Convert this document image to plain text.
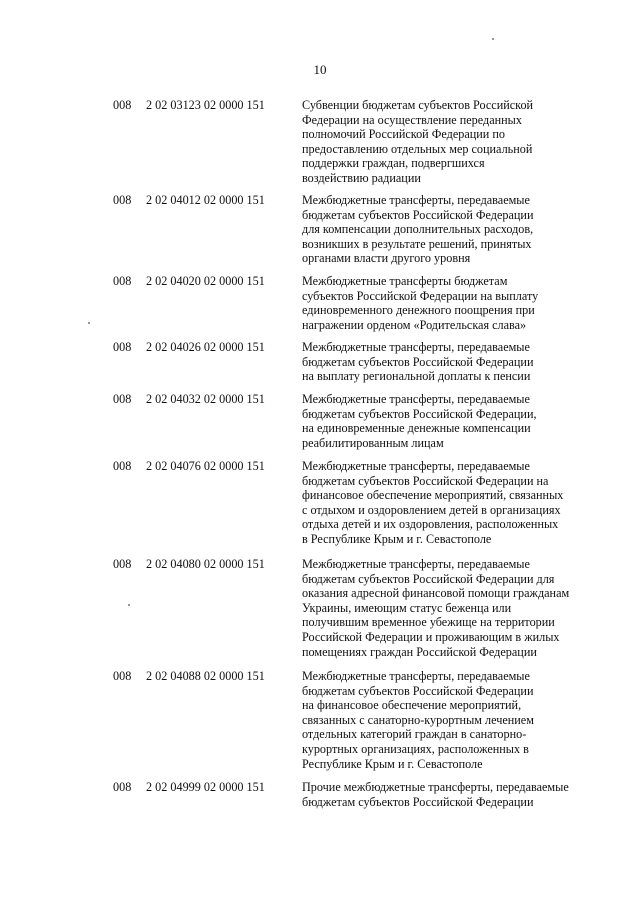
10
008 2 02 03123 02 0000 151	Субвенции бюджетам субъектов Российской
Федерации на осуществление переданных
полномочий Российской Федерации по
предоставлению отдельных мер социальной
поддержки граждан, подвергшихся
воздействию радиации
008 2 02 04012 02 0000 151	Межбюджетные трансферты, передаваемые
бюджетам субъектов Российской Федерации
для компенсации дополнительных расходов,
возникших в результате решений, принятых
органами власти другого уровня
008 2 02 04020 02 0000 151	Межбюджетные трансферты бюджетам
субъектов Российской Федерации на выплату
единовременного денежного поощрения при
награжении орденом «Родительская слава»
008 2 02 04026 02 0000 151	Межбюджетные трансферты, передаваемые
бюджетам субъектов Российской Федерации
на выплату региональной доплаты к пенсии
008 2 02 04032 02 0000 151	Межбюджетные трансферты, передаваемые
бюджетам субъектов Российской Федерации,
на единовременные денежные компенсации
реабилитированным лицам
008 2 02 04076 02 0000 151	Межбюджетные трансферты, передаваемые
бюджетам субъектов Российской Федерации на
финансовое обеспечение мероприятий, связанных
с отдыхом и оздоровлением детей в организациях
отдыха детей и их оздоровления, расположенных
в Республике Крым и г. Севастополе
008 2 02 04080 02 0000 151	Межбюджетные трансферты, передаваемые
бюджетам субъектов Российской Федерации для
оказания адресной финансовой помощи гражданам
Украины, имеющим статус беженца или
получившим временное убежище на территории
Российской Федерации и проживающим в жилых
помещениях граждан Российской Федерации
008 2 02 04088 02 0000 151	Межбюджетные трансферты, передаваемые
бюджетам субъектов Российской Федерации
на финансовое обеспечение мероприятий,
связанных с санаторно-курортным лечением
отдельных категорий граждан в санаторно-
курортных организациях, расположенных в
Республике Крым и г. Севастополе
008 2 02 04999 02 0000 151	Прочие межбюджетные трансферты, передаваемые
бюджетам субъектов Российской Федерации
